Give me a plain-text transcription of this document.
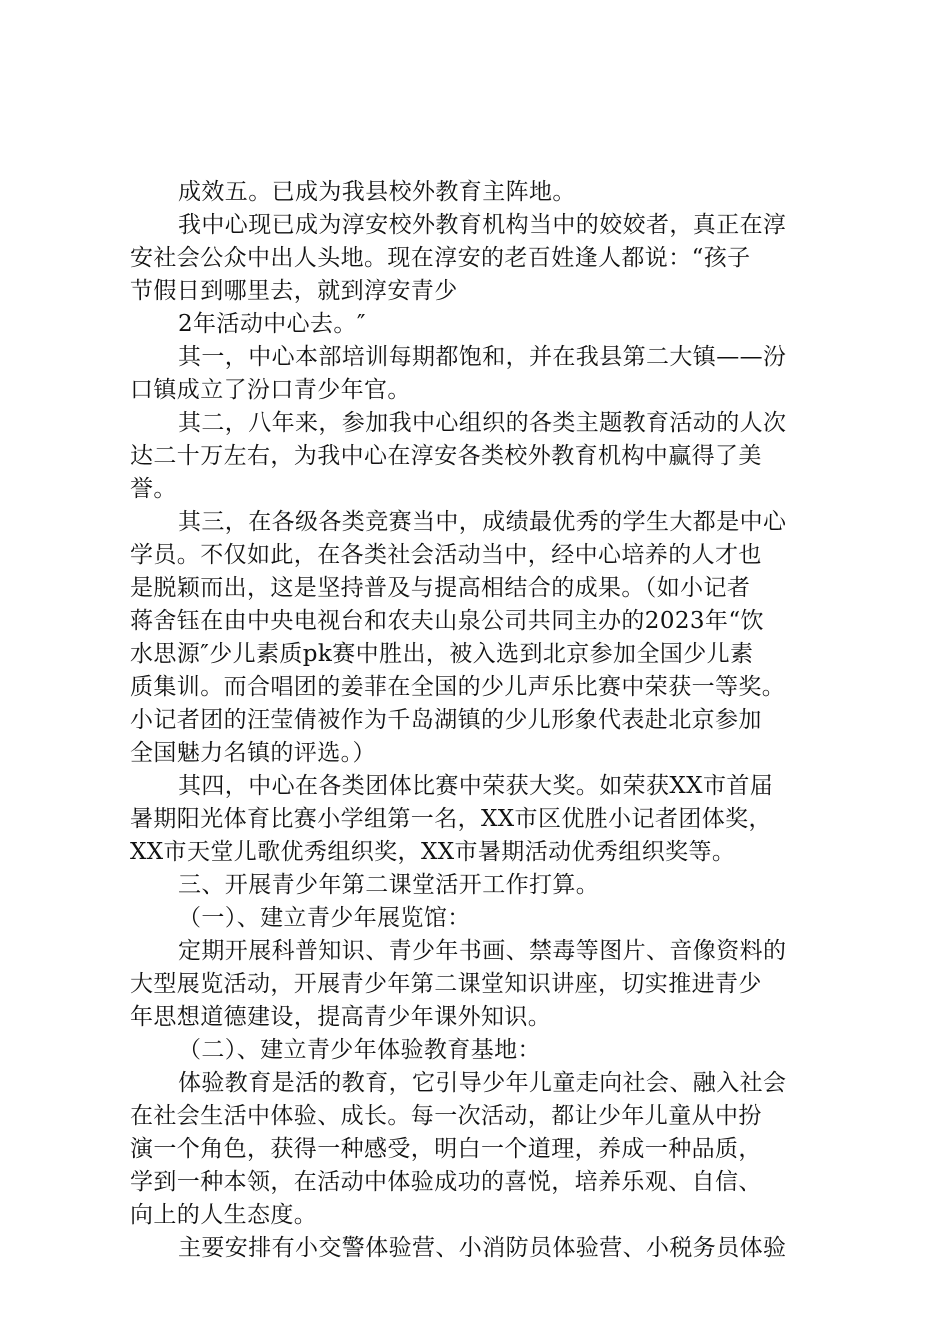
成效五。已成为我县校外教育主阵地。
我中心现已成为淳安校外教育机构当中的姣姣者，真正在淳
安社会公众中出人头地。现在淳安的老百姓逢人都说：“孩子
节假日到哪里去，就到淳安青少
2年活动中心去。″
其一，中心本部培训每期都饱和，并在我县第二大镇——汾
口镇成立了汾口青少年官。
其二，八年来，参加我中心组织的各类主题教育活动的人次
达二十万左右，为我中心在淳安各类校外教育机构中赢得了美
誉。
其三，在各级各类竞赛当中，成绩最优秀的学生大都是中心
学员。不仅如此，在各类社会活动当中，经中心培养的人才也
是脱颖而出，这是坚持普及与提高相结合的成果。（如小记者
蒋舍钰在由中央电视台和农夫山泉公司共同主办的2023年“饮
水思源″少儿素质pk赛中胜出，被入选到北京参加全国少儿素
质集训。而合唱团的姜菲在全国的少儿声乐比赛中荣获一等奖。
小记者团的汪莹倩被作为千岛湖镇的少儿形象代表赴北京参加
全国魅力名镇的评选。）
其四，中心在各类团体比赛中荣获大奖。如荣获XX市首届
暑期阳光体育比赛小学组第一名，XX市区优胜小记者团体奖，
XX市天堂儿歌优秀组织奖，XX市暑期活动优秀组织奖等。
三、开展青少年第二课堂活开工作打算。
（一）、建立青少年展览馆：
定期开展科普知识、青少年书画、禁毒等图片、音像资料的
大型展览活动，开展青少年第二课堂知识讲座，切实推进青少
年思想道德建设，提高青少年课外知识。
（二）、建立青少年体验教育基地：
体验教育是活的教育，它引导少年儿童走向社会、融入社会
在社会生活中体验、成长。每一次活动，都让少年儿童从中扮
演一个角色，获得一种感受，明白一个道理，养成一种品质，
学到一种本领，在活动中体验成功的喜悦，培养乐观、自信、
向上的人生态度。
主要安排有小交警体验营、小消防员体验营、小税务员体验
